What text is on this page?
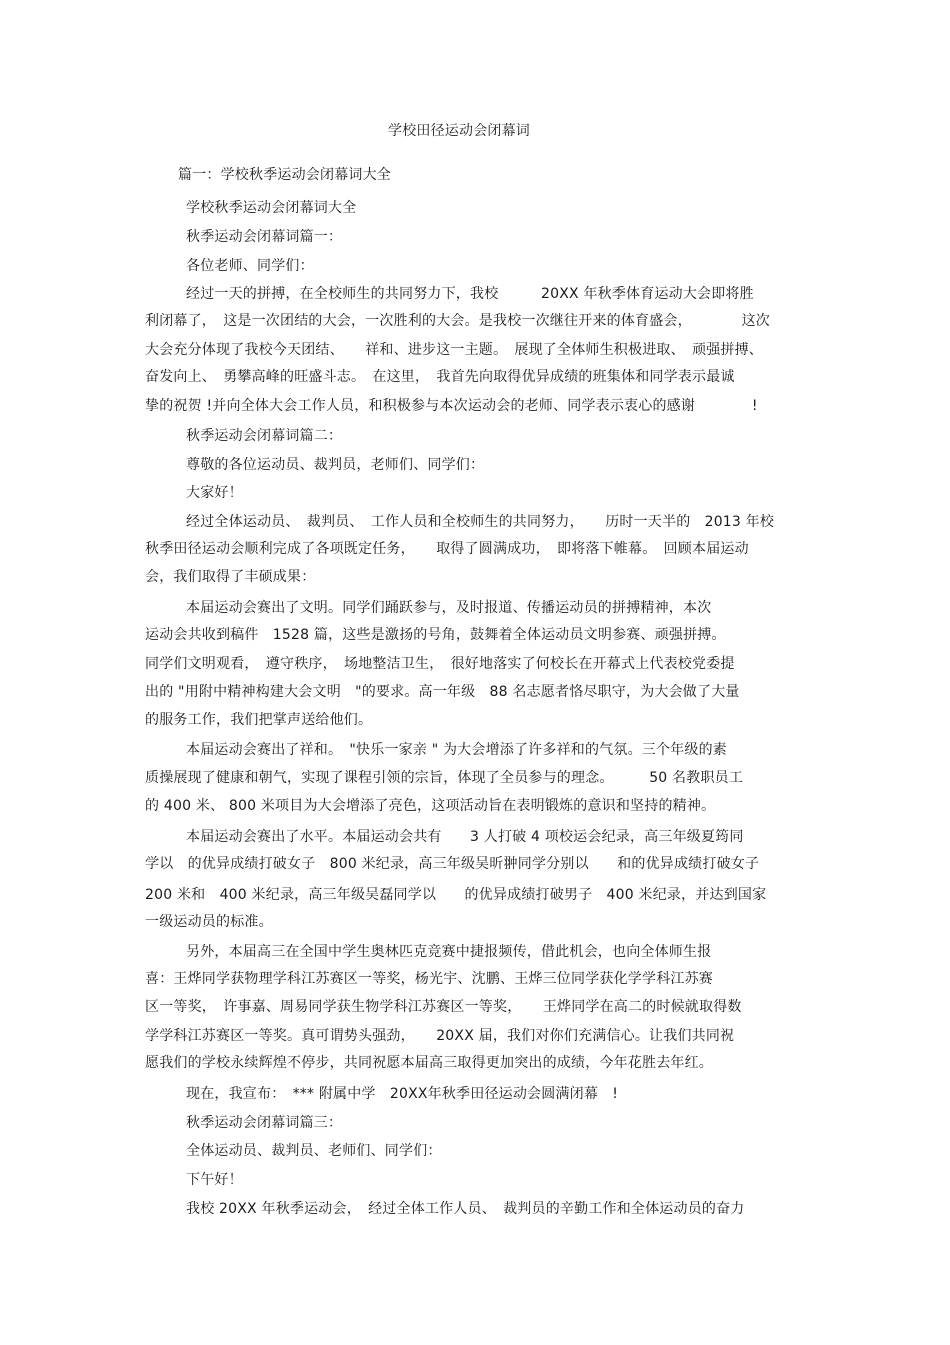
学校田径运动会闭幕词
篇一：学校秋季运动会闭幕词大全
学校秋季运动会闭幕词大全
秋季运动会闭幕词篇一：
各位老师、同学们：
经过一天的拼搏，在全校师生的共同努力下，我校　　　20XX 年秋季体育运动大会即将胜
利闭幕了，　这是一次团结的大会，一次胜利的大会。是我校一次继往开来的体育盛会，　　　　这次
大会充分体现了我校今天团结、　　祥和、进步这一主题。　展现了全体师生积极进取、　顽强拼搏、
奋发向上、　勇攀高峰的旺盛斗志。　在这里，　我首先向取得优异成绩的班集体和同学表示最诚
挚的祝贺 !并向全体大会工作人员，和积极参与本次运动会的老师、同学表示衷心的感谢　　　　!
秋季运动会闭幕词篇二：
尊敬的各位运动员、裁判员，老师们、同学们：
大家好！
经过全体运动员、　裁判员、　工作人员和全校师生的共同努力，　　历时一天半的　2013 年校
秋季田径运动会顺利完成了各项既定任务，　　取得了圆满成功，　即将落下帷幕。　回顾本届运动
会，我们取得了丰硕成果：
本届运动会赛出了文明。同学们踊跃参与，及时报道、传播运动员的拼搏精神，本次
运动会共收到稿件　1528 篇，这些是激扬的号角，鼓舞着全体运动员文明参赛、顽强拼搏。
同学们文明观看，　遵守秩序，　场地整洁卫生，　很好地落实了何校长在开幕式上代表校党委提
出的 "用附中精神构建大会文明　"的要求。高一年级　88 名志愿者恪尽职守，为大会做了大量
的服务工作，我们把掌声送给他们。
本届运动会赛出了祥和。　"快乐一家亲 " 为大会增添了许多祥和的气氛。三个年级的素
质操展现了健康和朝气，实现了课程引领的宗旨，体现了全员参与的理念。　　　50 名教职员工
的 400 米、 800 米项目为大会增添了亮色，这项活动旨在表明锻炼的意识和坚持的精神。
本届运动会赛出了水平。本届运动会共有　　3 人打破 4 项校运会纪录，高三年级夏筠同
学以　的优异成绩打破女子　800 米纪录，高三年级吴昕翀同学分别以　　和的优异成绩打破女子
200 米和　400 米纪录，高三年级吴磊同学以　　的优异成绩打破男子　400 米纪录，并达到国家
一级运动员的标准。
另外，本届高三在全国中学生奥林匹克竞赛中捷报频传，借此机会，也向全体师生报
喜：王烨同学获物理学科江苏赛区一等奖，杨光宇、沈鹏、王烨三位同学获化学学科江苏赛
区一等奖，　许事嘉、周易同学获生物学科江苏赛区一等奖，　　王烨同学在高二的时候就取得数
学学科江苏赛区一等奖。真可谓势头强劲，　　20XX 届，我们对你们充满信心。让我们共同祝
愿我们的学校永续辉煌不停步，共同祝愿本届高三取得更加突出的成绩，今年花胜去年红。
现在，我宣布：　*** 附属中学　20XX年秋季田径运动会圆满闭幕　!
秋季运动会闭幕词篇三：
全体运动员、裁判员、老师们、同学们：
下午好！
我校 20XX 年秋季运动会，　经过全体工作人员、　裁判员的辛勤工作和全体运动员的奋力
